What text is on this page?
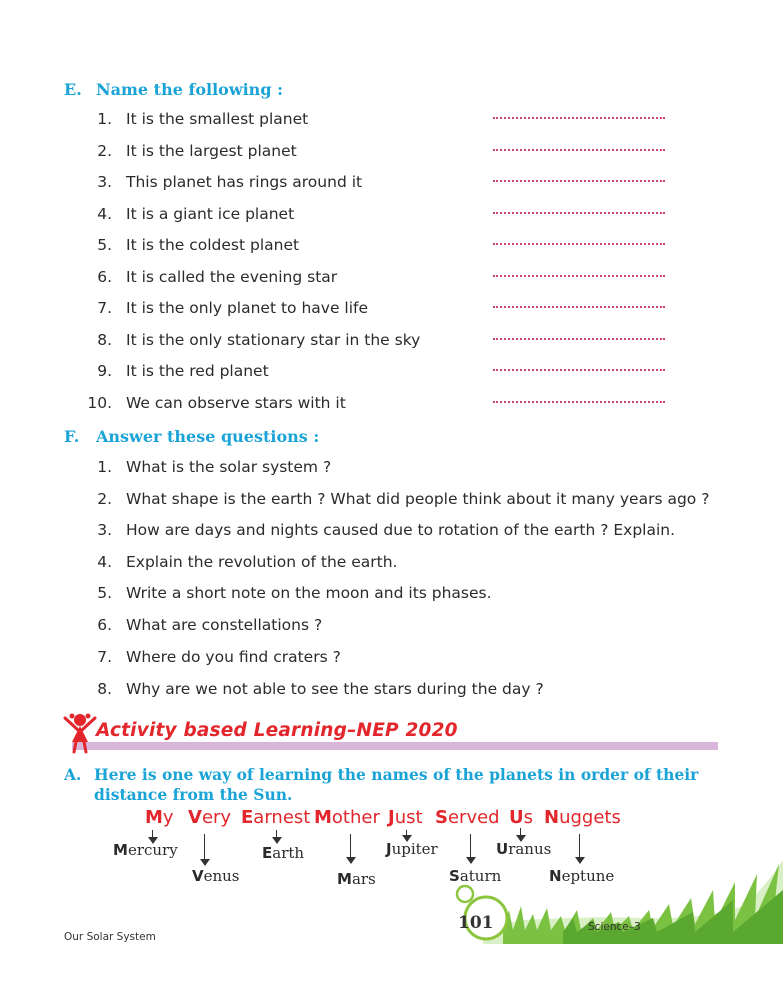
E. Name the following :
1. It is the smallest planet
2. It is the largest planet
3. This planet has rings around it
4. It is a giant ice planet
5. It is the coldest planet
6. It is called the evening star
7. It is the only planet to have life
8. It is the only stationary star in the sky
9. It is the red planet
10. We can observe stars with it
F. Answer these questions :
1. What is the solar system ?
2. What shape is the earth ? What did people think about it many years ago ?
3. How are days and nights caused due to rotation of the earth ? Explain.
4. Explain the revolution of the earth.
5. Write a short note on the moon and its phases.
6. What are constellations ?
7. Where do you find craters ?
8. Why are we not able to see the stars during the day ?
Activity based Learning–NEP 2020
A. Here is one way of learning the names of the planets in order of their
distance from the Sun.
My Very Earnest Mother Just Served Us Nuggets
Mercury
Venus
Earth
Mars
Jupiter
Saturn
Uranus
Neptune
101	Science–3
Our Solar System
